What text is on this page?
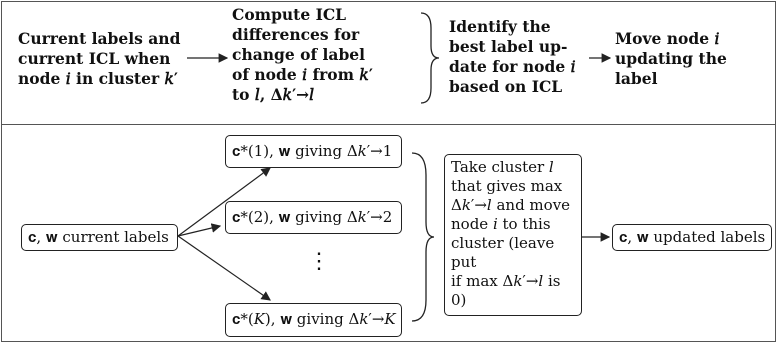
Current labels and
current ICL when
node 𝑖 in cluster 𝑘′
Compute ICL
differences for
change of label
of node 𝑖 from 𝑘′
to 𝑙, Δ𝑘′→𝑙
Identify the
best label up-
date for node 𝑖
based on ICL
Move node 𝑖
updating the
label
𝐜, 𝐰 current labels
𝐜*(1), 𝐰 giving Δ𝑘′→1
𝐜*(2), 𝐰 giving Δ𝑘′→2
⋮
𝐜*(𝐾), 𝐰 giving Δ𝑘′→𝐾
Take cluster 𝑙
that gives max
Δ𝑘′→𝑙 and move
node 𝑖 to this
cluster (leave put
if max Δ𝑘′→𝑙 is
0)
𝐜, 𝐰 updated labels
